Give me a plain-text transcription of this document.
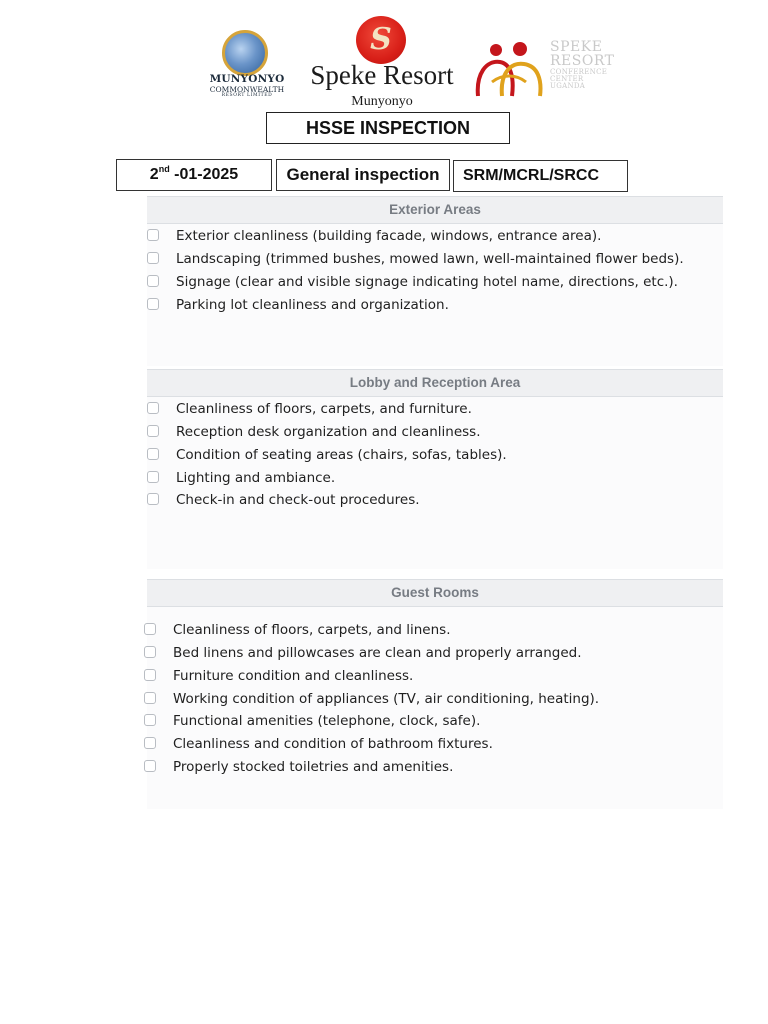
MUNYONYO
COMMONWEALTH
RESORT LIMITED
S
Speke Resort
Munyonyo
SPEKE
RESORT
CONFERENCE
CENTER
UGANDA
HSSE INSPECTION
2nd -01-2025	General inspection	SRM/MCRL/SRCC
Exterior Areas
Exterior cleanliness (building facade, windows, entrance area).
Landscaping (trimmed bushes, mowed lawn, well-maintained flower beds).
Signage (clear and visible signage indicating hotel name, directions, etc.).
Parking lot cleanliness and organization.
Lobby and Reception Area
Cleanliness of floors, carpets, and furniture.
Reception desk organization and cleanliness.
Condition of seating areas (chairs, sofas, tables).
Lighting and ambiance.
Check-in and check-out procedures.
Guest Rooms
Cleanliness of floors, carpets, and linens.
Bed linens and pillowcases are clean and properly arranged.
Furniture condition and cleanliness.
Working condition of appliances (TV, air conditioning, heating).
Functional amenities (telephone, clock, safe).
Cleanliness and condition of bathroom fixtures.
Properly stocked toiletries and amenities.
